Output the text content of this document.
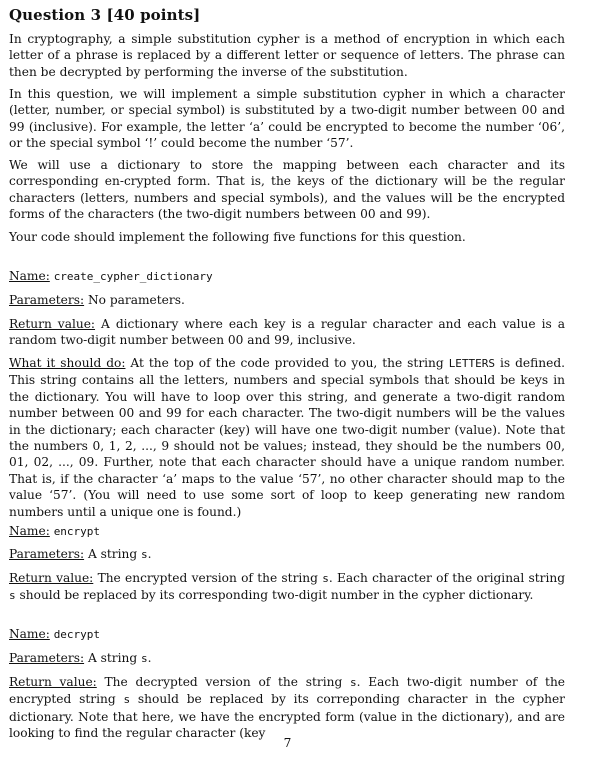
Question 3 [40 points]

In cryptography, a simple substitution cypher is a method of encryption in which each letter of a phrase is replaced by a different letter or sequence of letters. The phrase can then be decrypted by performing the inverse of the substitution.

In this question, we will implement a simple substitution cypher in which a character (letter, number, or special symbol) is substituted by a two-digit number between 00 and 99 (inclusive). For example, the letter ‘a’ could be encrypted to become the number ‘06’, or the special symbol ‘!’ could become the number ‘57’.

We will use a dictionary to store the mapping between each character and its corresponding en-crypted form. That is, the keys of the dictionary will be the regular characters (letters, numbers and special symbols), and the values will be the encrypted forms of the characters (the two-digit numbers between 00 and 99).

Your code should implement the following five functions for this question.

Name: create_cypher_dictionary

Parameters: No parameters.

Return value: A dictionary where each key is a regular character and each value is a random two-digit number between 00 and 99, inclusive.

What it should do: At the top of the code provided to you, the string LETTERS is defined. This string contains all the letters, numbers and special symbols that should be keys in the dictionary. You will have to loop over this string, and generate a two-digit random number between 00 and 99 for each character. The two-digit numbers will be the values in the dictionary; each character (key) will have one two-digit number (value). Note that the numbers 0, 1, 2, ..., 9 should not be values; instead, they should be the numbers 00, 01, 02, ..., 09. Further, note that each character should have a unique random number. That is, if the character ‘a’ maps to the value ‘57’, no other character should map to the value ‘57’. (You will need to use some sort of loop to keep generating new random numbers until a unique one is found.)

Name: encrypt

Parameters: A string s.

Return value: The encrypted version of the string s. Each character of the original string s should be replaced by its corresponding two-digit number in the cypher dictionary.

Name: decrypt

Parameters: A string s.

Return value: The decrypted version of the string s. Each two-digit number of the encrypted string s should be replaced by its correponding character in the cypher dictionary. Note that here, we have the encrypted form (value in the dictionary), and are looking to find the regular character (key

7
